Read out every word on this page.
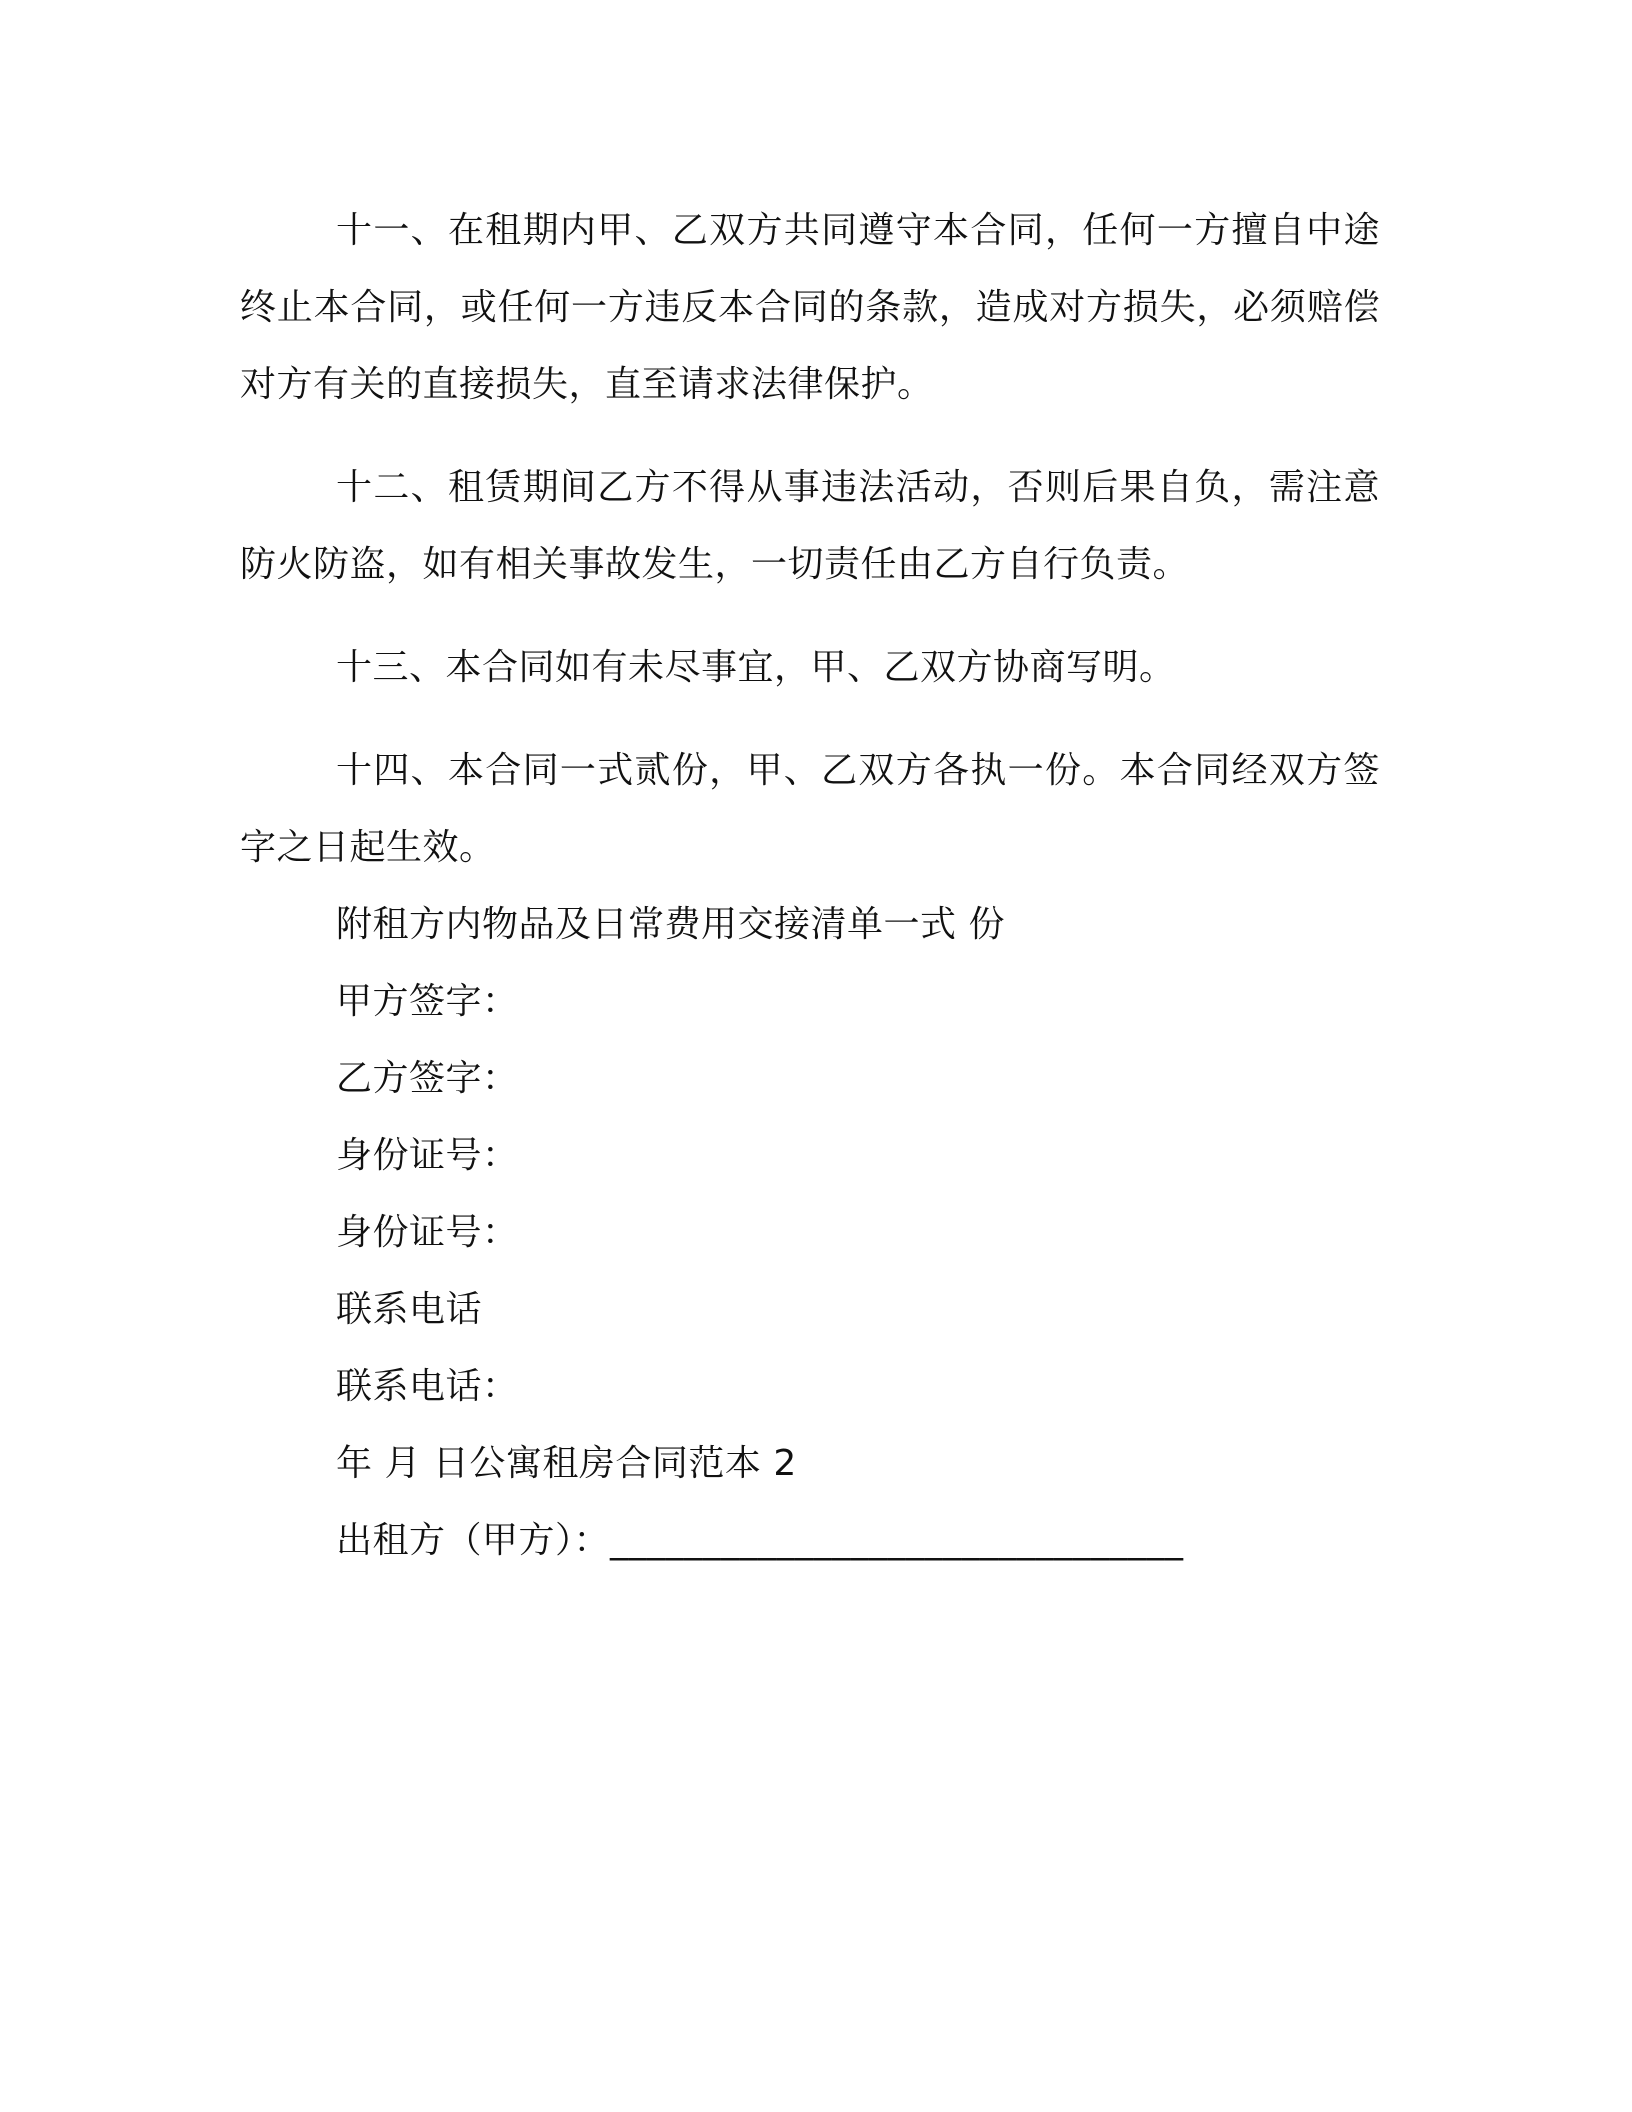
十一、在租期内甲、乙双方共同遵守本合同，任何一方擅自中途终止本合同，或任何一方违反本合同的条款，造成对方损失，必须赔偿对方有关的直接损失，直至请求法律保护。

十二、租赁期间乙方不得从事违法活动，否则后果自负，需注意防火防盗，如有相关事故发生，一切责任由乙方自行负责。

十三、本合同如有未尽事宜，甲、乙双方协商写明。

十四、本合同一式贰份，甲、乙双方各执一份。本合同经双方签字之日起生效。

附租方内物品及日常费用交接清单一式 份

甲方签字：

乙方签字：

身份证号：

身份证号：

联系电话

联系电话：

年 月 日公寓租房合同范本 2

出租方（甲方）：_______________________________
